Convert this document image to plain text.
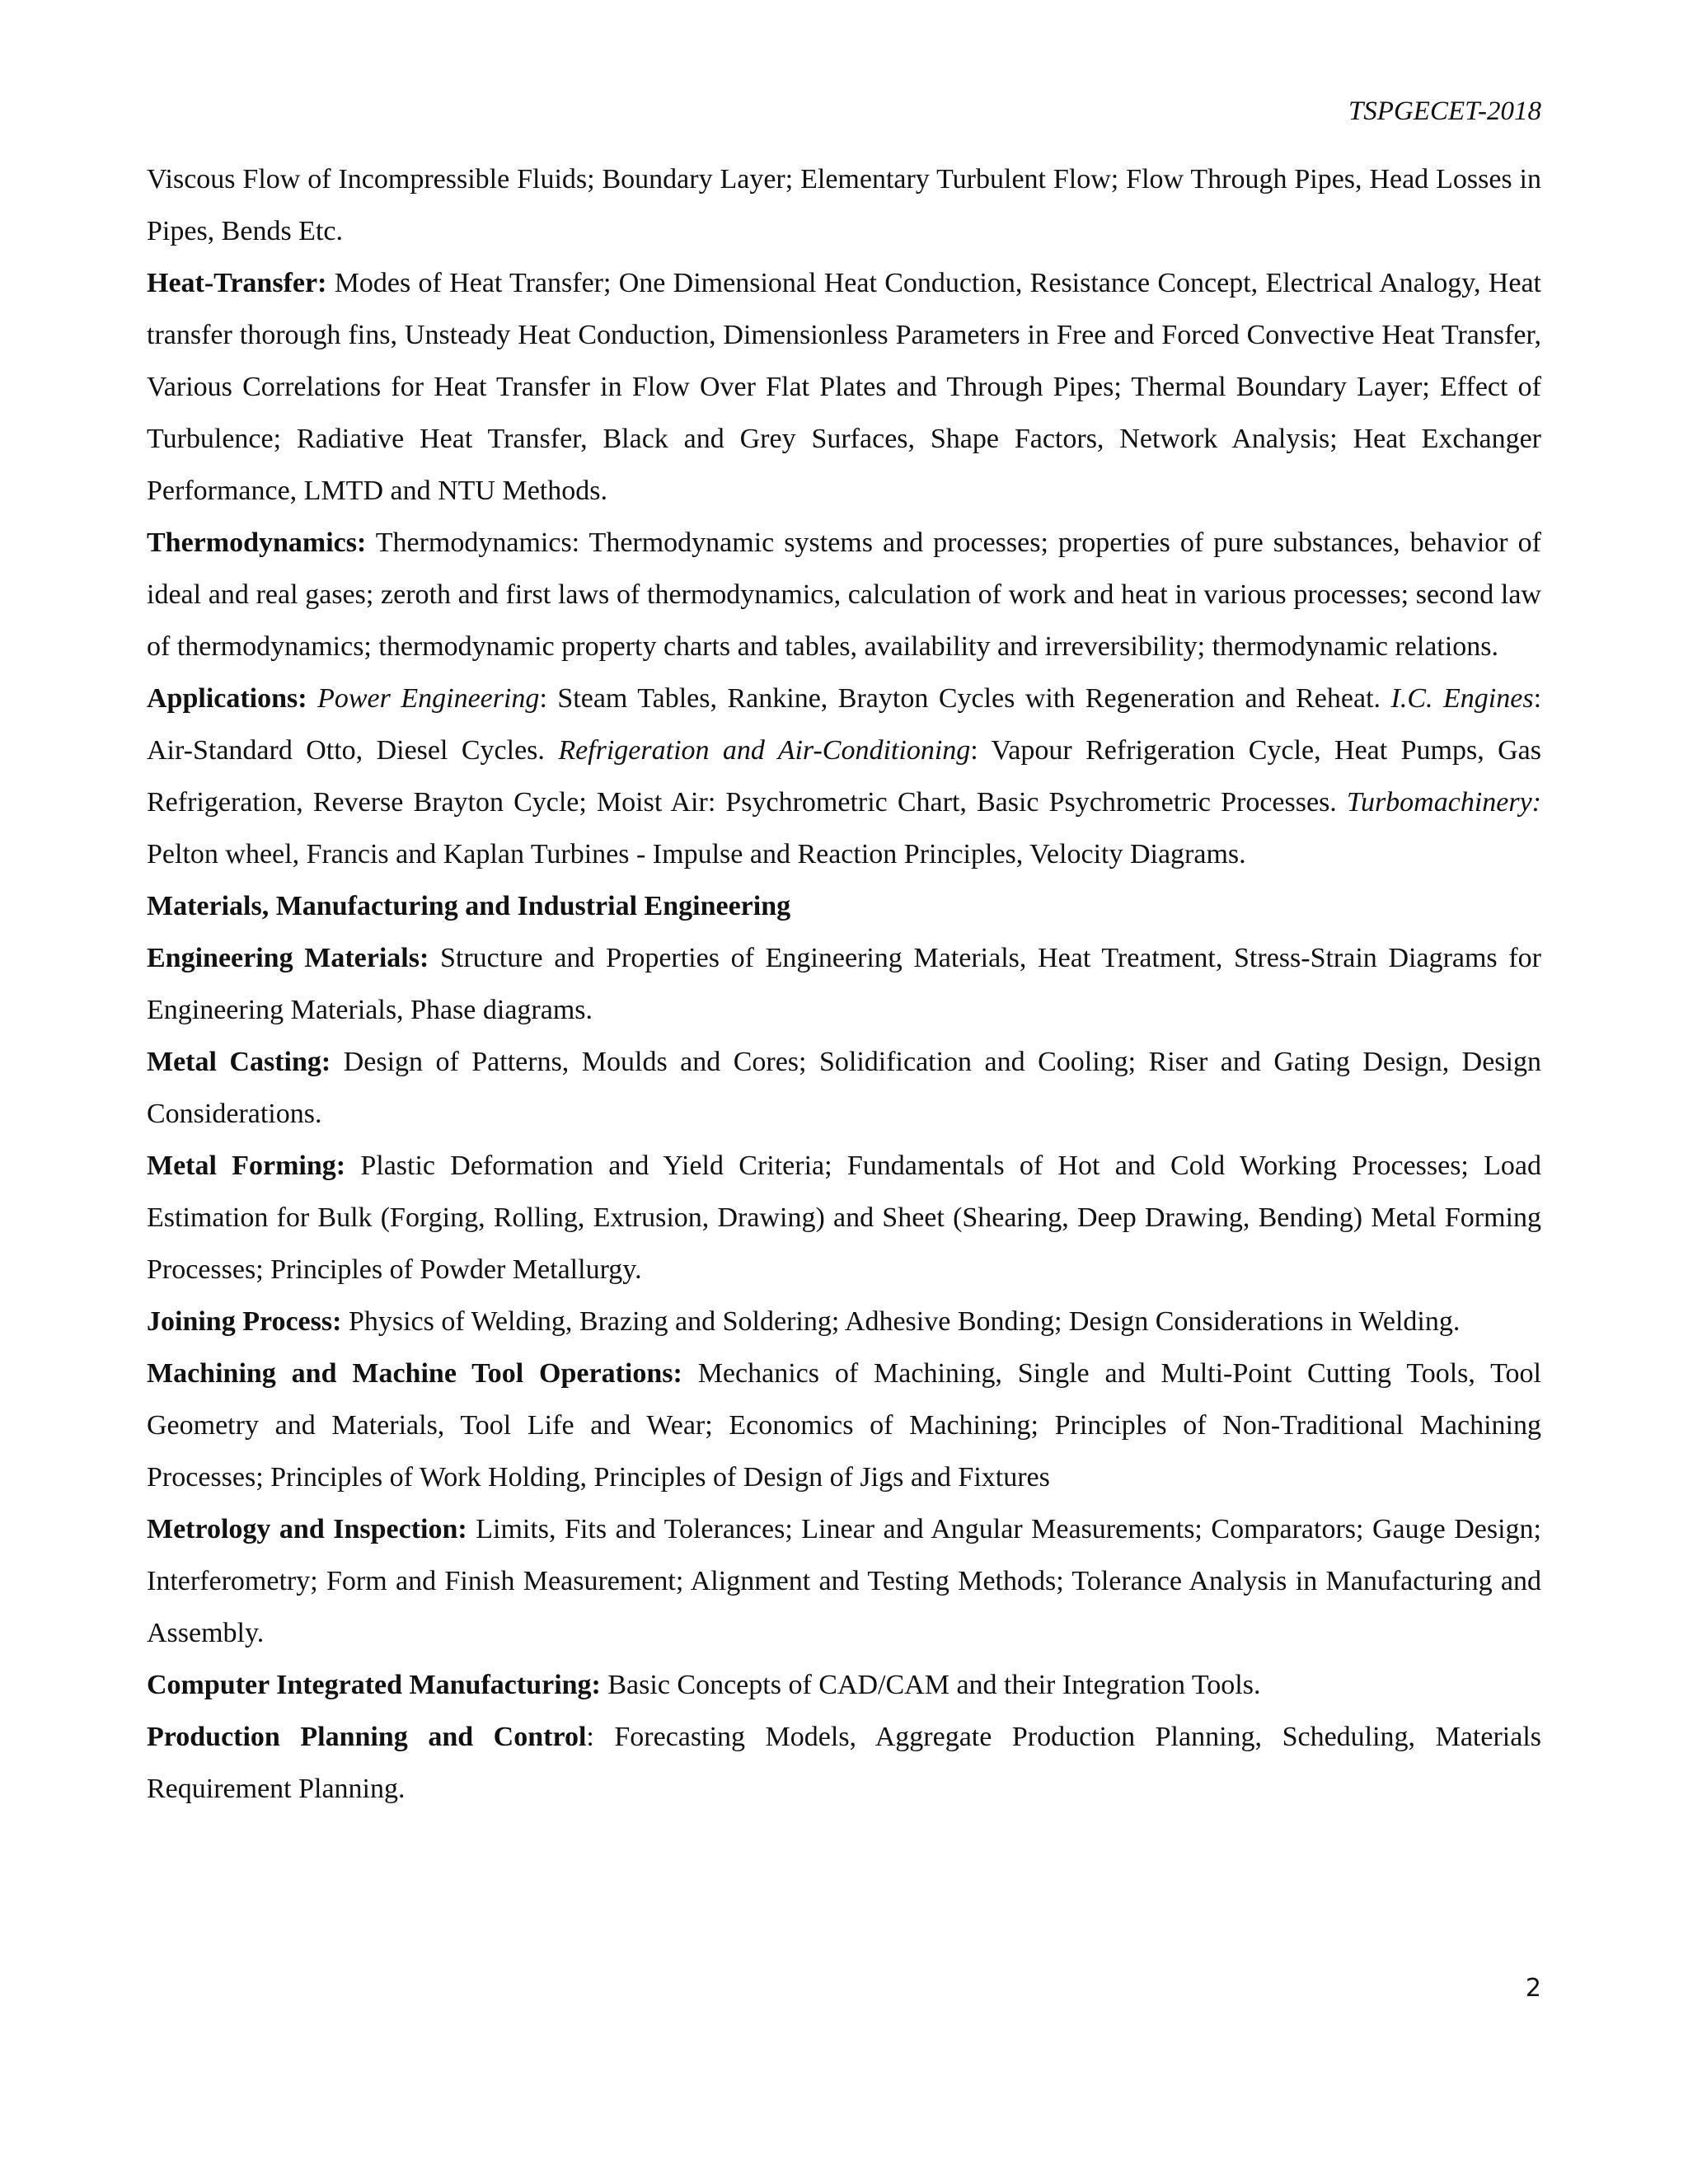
TSPGECET-2018

Viscous Flow of Incompressible Fluids; Boundary Layer; Elementary Turbulent Flow; Flow Through Pipes, Head Losses in Pipes, Bends Etc.

Heat-Transfer: Modes of Heat Transfer; One Dimensional Heat Conduction, Resistance Concept, Electrical Analogy, Heat transfer thorough fins, Unsteady Heat Conduction, Dimensionless Parameters in Free and Forced Convective Heat Transfer, Various Correlations for Heat Transfer in Flow Over Flat Plates and Through Pipes; Thermal Boundary Layer; Effect of Turbulence; Radiative Heat Transfer, Black and Grey Surfaces, Shape Factors, Network Analysis; Heat Exchanger Performance, LMTD and NTU Methods.

Thermodynamics: Thermodynamics: Thermodynamic systems and processes; properties of pure substances, behavior of ideal and real gases; zeroth and first laws of thermodynamics, calculation of work and heat in various processes; second law of thermodynamics; thermodynamic property charts and tables, availability and irreversibility; thermodynamic relations.

Applications: Power Engineering: Steam Tables, Rankine, Brayton Cycles with Regeneration and Reheat. I.C. Engines: Air-Standard Otto, Diesel Cycles. Refrigeration and Air-Conditioning: Vapour Refrigeration Cycle, Heat Pumps, Gas Refrigeration, Reverse Brayton Cycle; Moist Air: Psychrometric Chart, Basic Psychrometric Processes. Turbomachinery: Pelton wheel, Francis and Kaplan Turbines - Impulse and Reaction Principles, Velocity Diagrams.

Materials, Manufacturing and Industrial Engineering

Engineering Materials: Structure and Properties of Engineering Materials, Heat Treatment, Stress-Strain Diagrams for Engineering Materials, Phase diagrams.

Metal Casting: Design of Patterns, Moulds and Cores; Solidification and Cooling; Riser and Gating Design, Design Considerations.

Metal Forming: Plastic Deformation and Yield Criteria; Fundamentals of Hot and Cold Working Processes; Load Estimation for Bulk (Forging, Rolling, Extrusion, Drawing) and Sheet (Shearing, Deep Drawing, Bending) Metal Forming Processes; Principles of Powder Metallurgy.

Joining Process: Physics of Welding, Brazing and Soldering; Adhesive Bonding; Design Considerations in Welding.

Machining and Machine Tool Operations: Mechanics of Machining, Single and Multi-Point Cutting Tools, Tool Geometry and Materials, Tool Life and Wear; Economics of Machining; Principles of Non-Traditional Machining Processes; Principles of Work Holding, Principles of Design of Jigs and Fixtures

Metrology and Inspection: Limits, Fits and Tolerances; Linear and Angular Measurements; Comparators; Gauge Design; Interferometry; Form and Finish Measurement; Alignment and Testing Methods; Tolerance Analysis in Manufacturing and Assembly.

Computer Integrated Manufacturing: Basic Concepts of CAD/CAM and their Integration Tools.

Production Planning and Control: Forecasting Models, Aggregate Production Planning, Scheduling, Materials Requirement Planning.

2
